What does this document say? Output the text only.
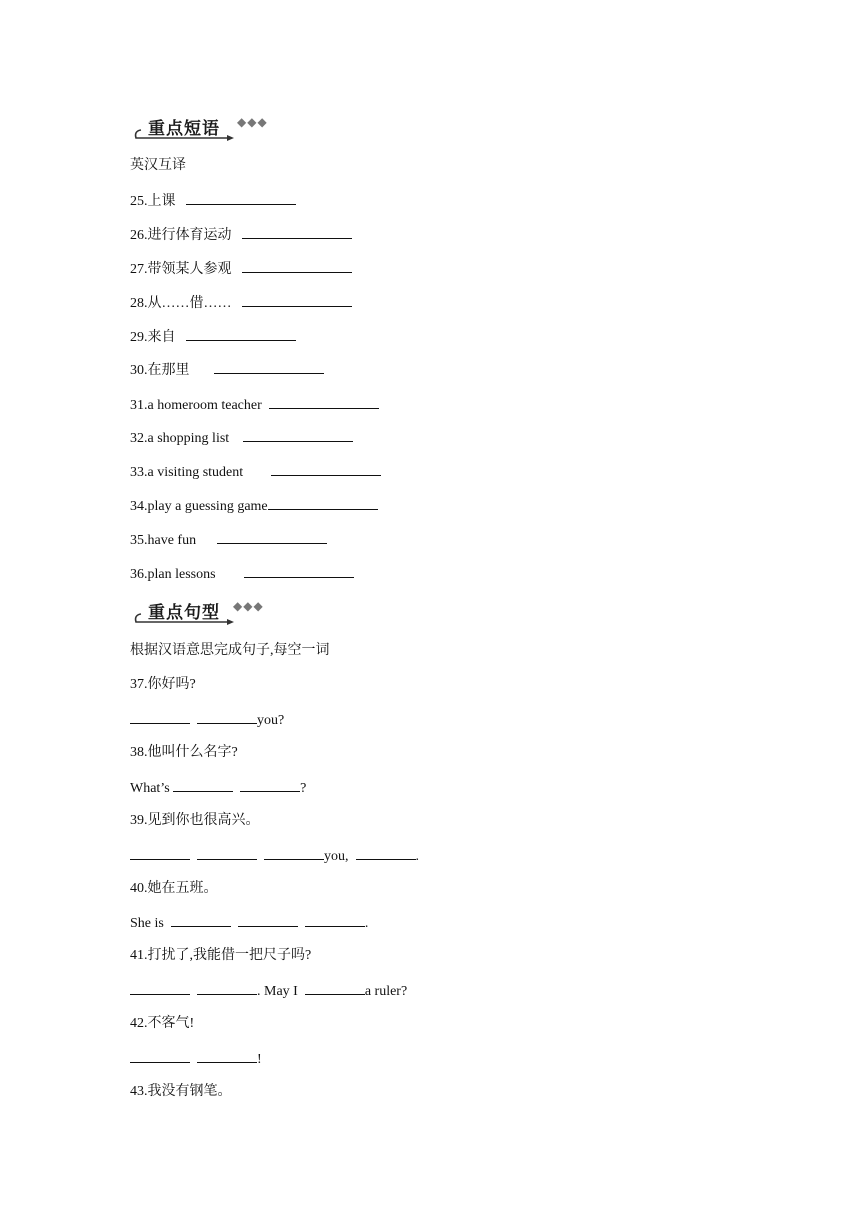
重点短语 ◆◆◆
英汉互译
25.上课
26.进行体育运动
27.带领某人参观
28.从……借……
29.来自
30.在那里
31.a homeroom teacher
32.a shopping list
33.a visiting student
34.play a guessing game
35.have fun
36.plan lessons
重点句型 ◆◆◆
根据汉语意思完成句子,每空一词
37.你好吗?
you?
38.他叫什么名字?
What’s	?
39.见到你也很高兴。
you,	.
40.她在五班。
She is	.
41.打扰了,我能借一把尺子吗?
. May I	a ruler?
42.不客气!
!
43.我没有钢笔。
